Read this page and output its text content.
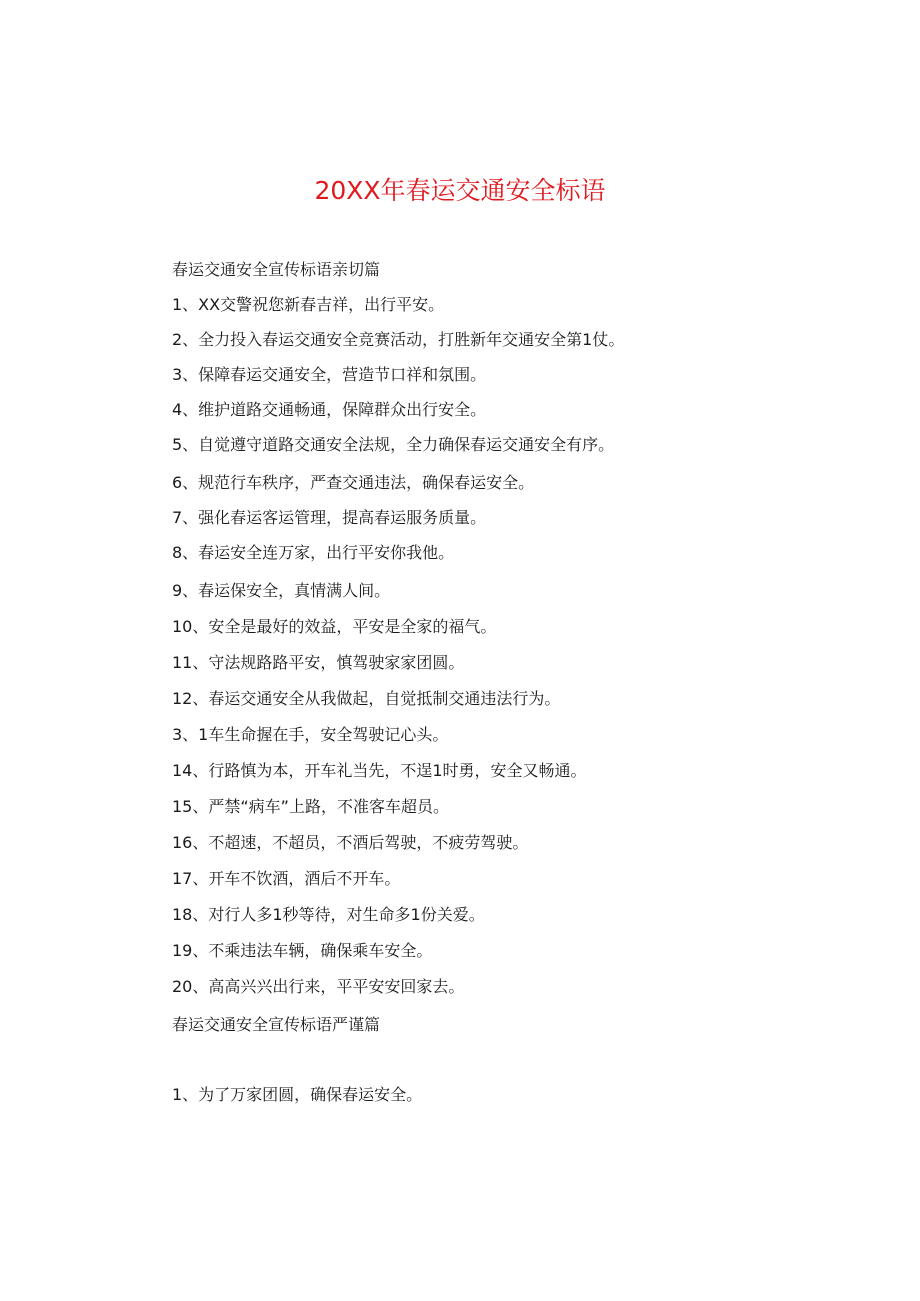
20XX年春运交通安全标语
春运交通安全宣传标语亲切篇
1、XX交警祝您新春吉祥，出行平安。
2、全力投入春运交通安全竞赛活动，打胜新年交通安全第1仗。
3、保障春运交通安全，营造节口祥和氛围。
4、维护道路交通畅通，保障群众出行安全。
5、自觉遵守道路交通安全法规，全力确保春运交通安全有序。
6、规范行车秩序，严查交通违法，确保春运安全。
7、强化春运客运管理，提高春运服务质量。
8、春运安全连万家，出行平安你我他。
9、春运保安全，真情满人间。
10、安全是最好的效益，平安是全家的福气。
11、守法规路路平安，慎驾驶家家团圆。
12、春运交通安全从我做起，自觉抵制交通违法行为。
3、1车生命握在手，安全驾驶记心头。
14、行路慎为本，开车礼当先，不逞1时勇，安全又畅通。
15、严禁“病车”上路，不准客车超员。
16、不超速，不超员，不酒后驾驶，不疲劳驾驶。
17、开车不饮酒，酒后不开车。
18、对行人多1秒等待，对生命多1份关爱。
19、不乘违法车辆，确保乘车安全。
20、高高兴兴出行来，平平安安回家去。
春运交通安全宣传标语严谨篇
1、为了万家团圆，确保春运安全。
